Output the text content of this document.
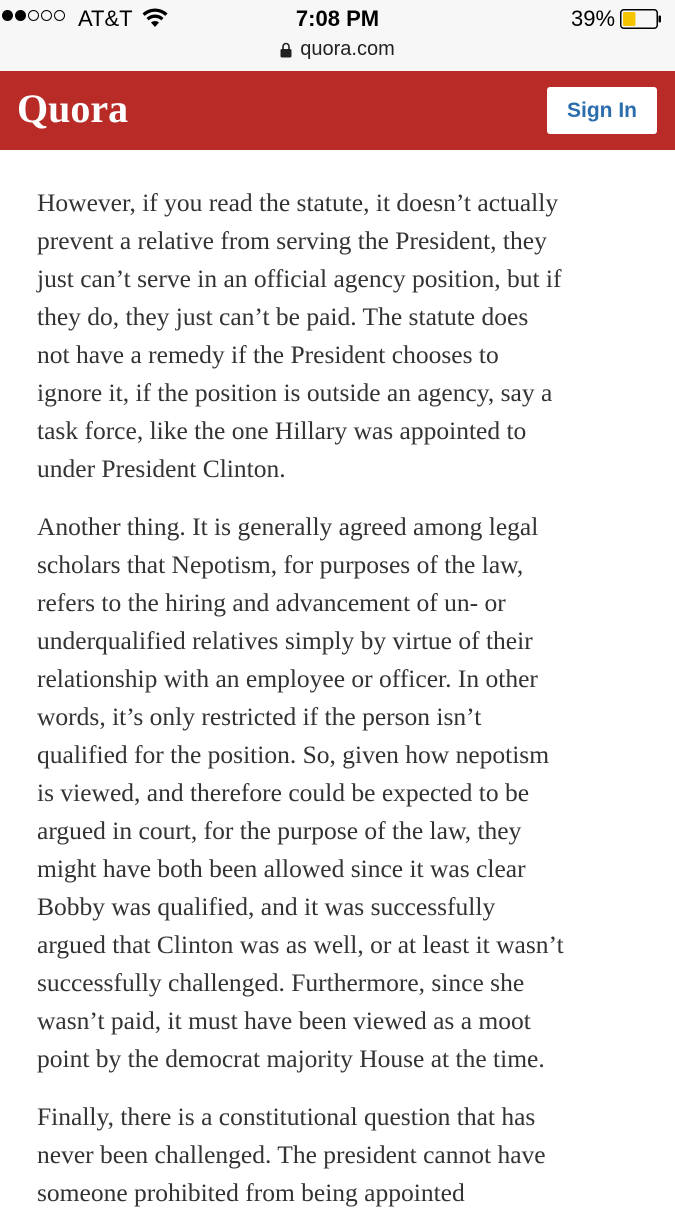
AT&T	7:08 PM	39%
quora.com
Quora	Sign In

However, if you read the statute, it doesn’t actually
prevent a relative from serving the President, they
just can’t serve in an official agency position, but if
they do, they just can’t be paid. The statute does
not have a remedy if the President chooses to
ignore it, if the position is outside an agency, say a
task force, like the one Hillary was appointed to
under President Clinton.

Another thing. It is generally agreed among legal
scholars that Nepotism, for purposes of the law,
refers to the hiring and advancement of un- or
underqualified relatives simply by virtue of their
relationship with an employee or officer. In other
words, it’s only restricted if the person isn’t
qualified for the position. So, given how nepotism
is viewed, and therefore could be expected to be
argued in court, for the purpose of the law, they
might have both been allowed since it was clear
Bobby was qualified, and it was successfully
argued that Clinton was as well, or at least it wasn’t
successfully challenged. Furthermore, since she
wasn’t paid, it must have been viewed as a moot
point by the democrat majority House at the time.

Finally, there is a constitutional question that has
never been challenged. The president cannot have
someone prohibited from being appointed
